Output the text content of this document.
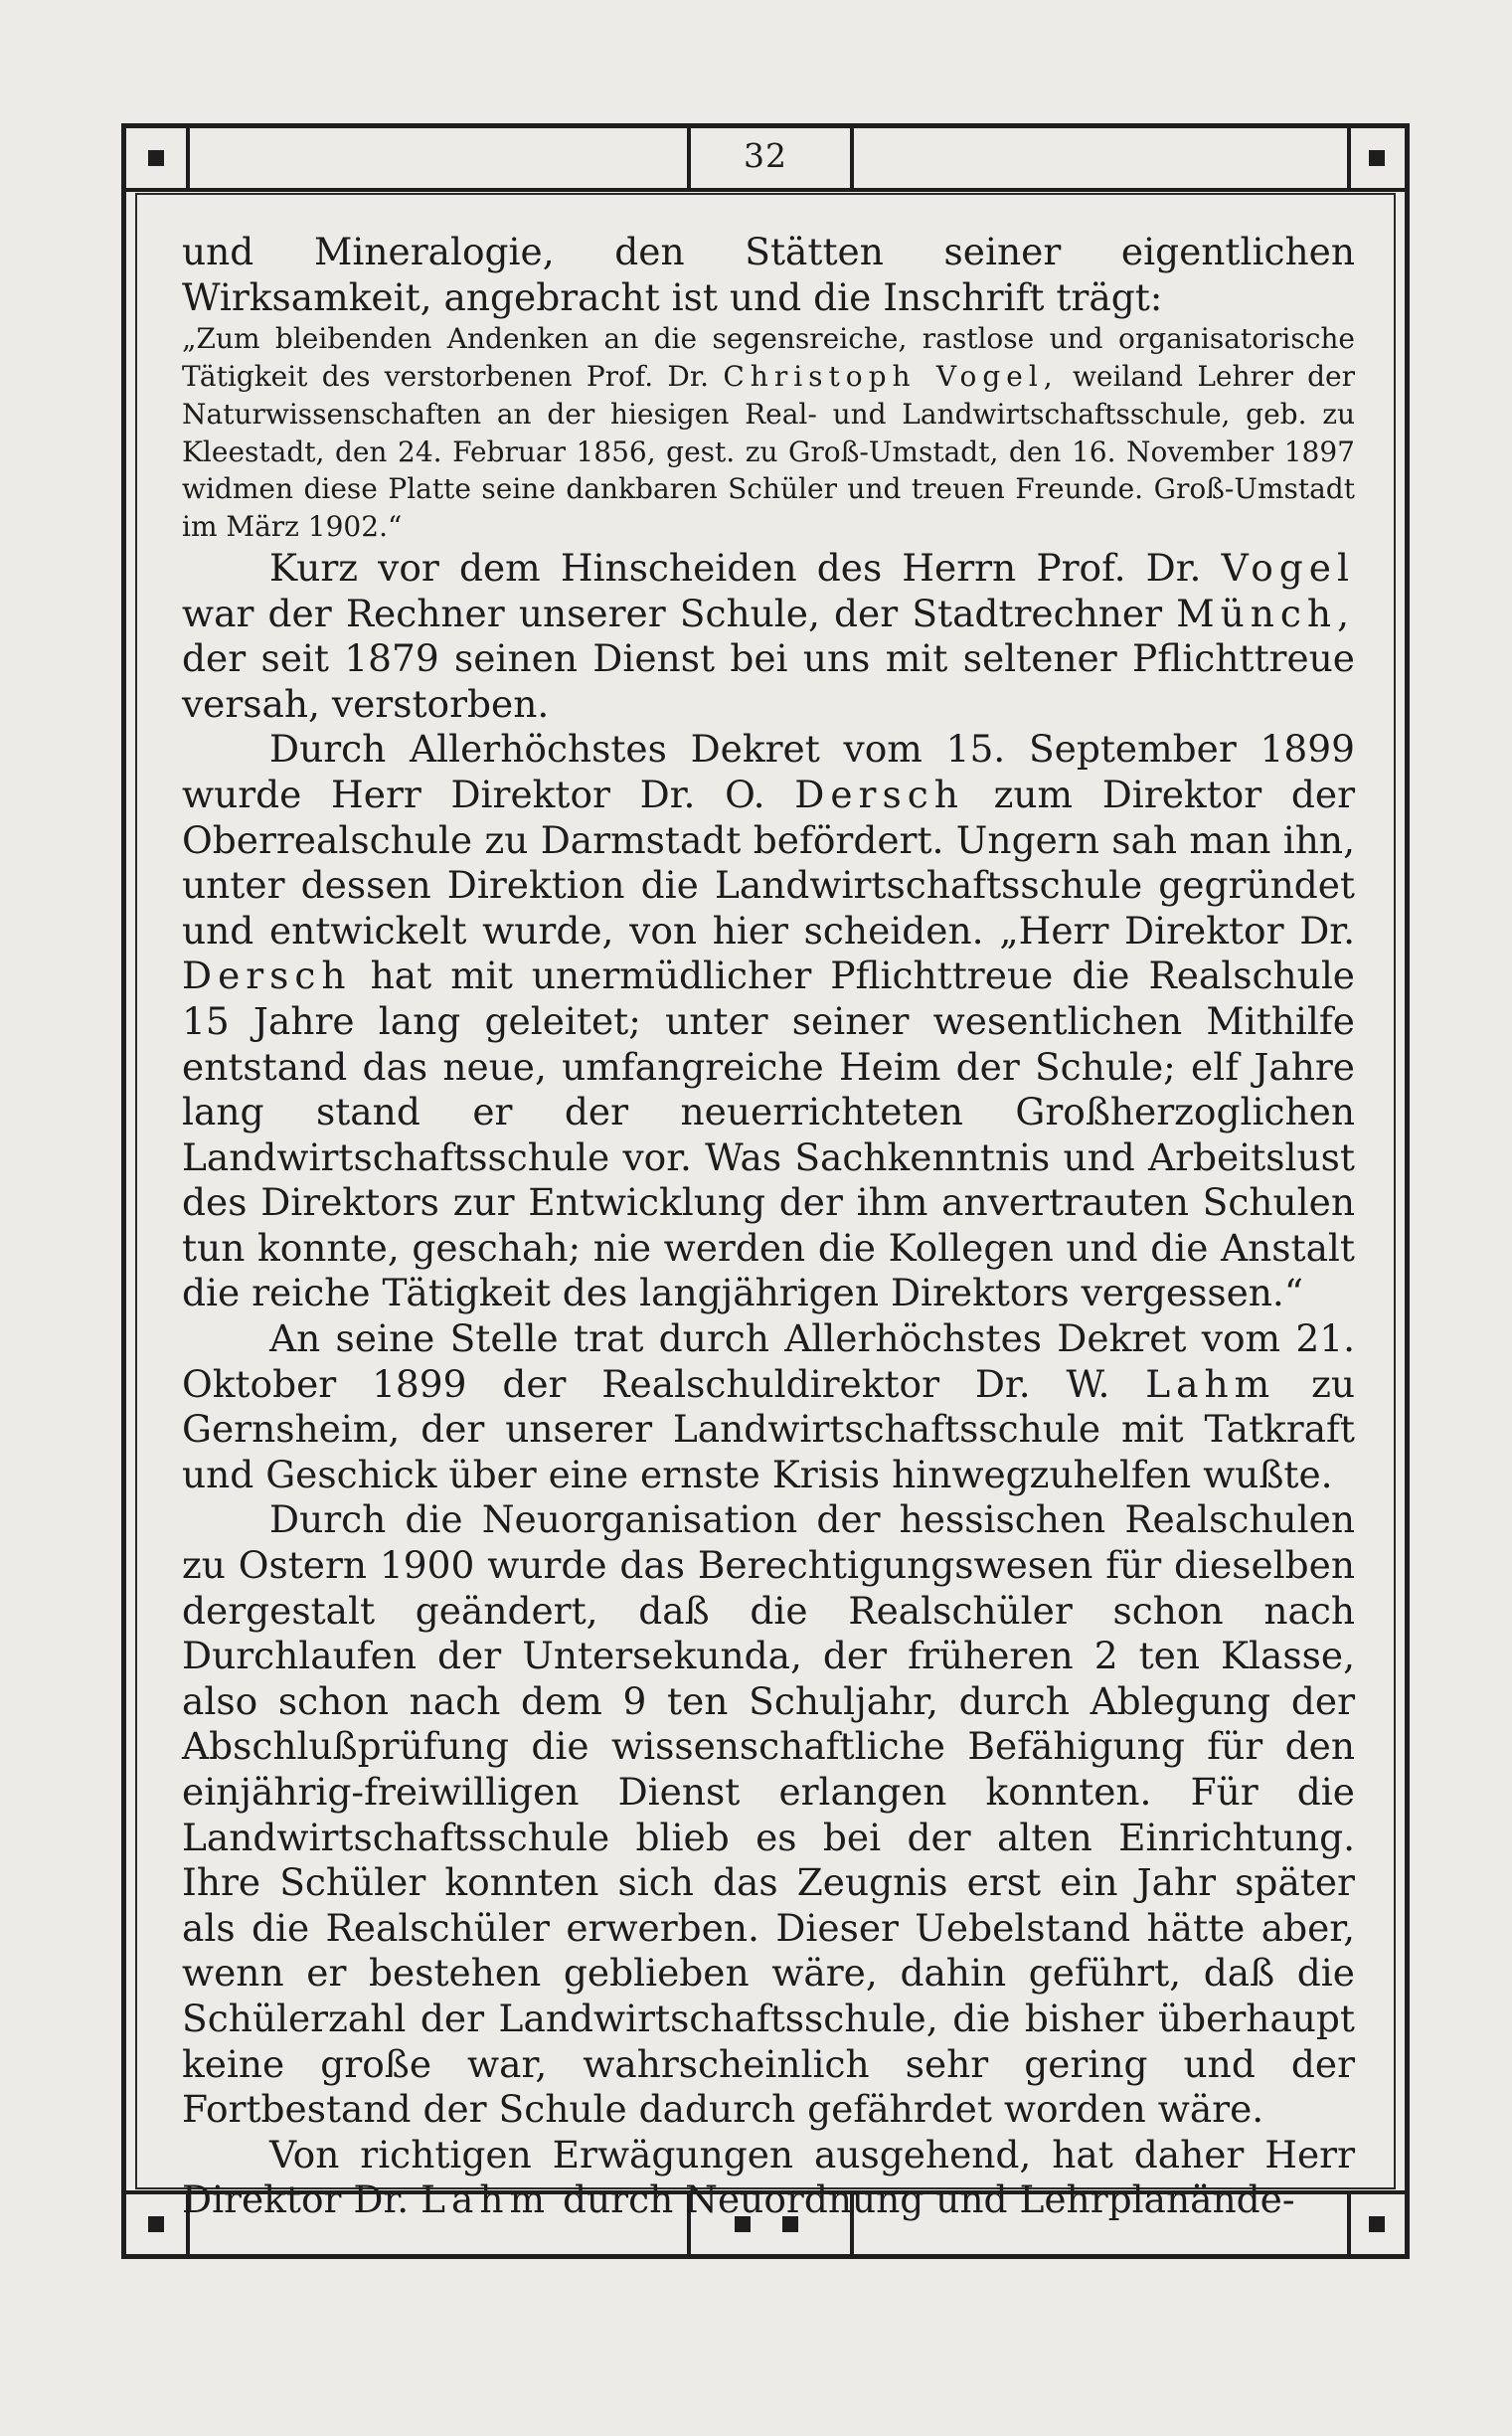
32

und Mineralogie, den Stätten seiner eigentlichen Wirksamkeit, angebracht ist und die Inschrift trägt:

„Zum bleibenden Andenken an die segensreiche, rastlose und organisatorische Tätigkeit des verstorbenen Prof. Dr. Christoph Vogel, weiland Lehrer der Naturwissenschaften an der hiesigen Real- und Landwirtschaftsschule, geb. zu Kleestadt, den 24. Februar 1856, gest. zu Groß-Umstadt, den 16. November 1897 widmen diese Platte seine dankbaren Schüler und treuen Freunde. Groß-Umstadt im März 1902.“

Kurz vor dem Hinscheiden des Herrn Prof. Dr. Vogel war der Rechner unserer Schule, der Stadtrechner Münch, der seit 1879 seinen Dienst bei uns mit seltener Pflichttreue versah, verstorben.

Durch Allerhöchstes Dekret vom 15. September 1899 wurde Herr Direktor Dr. O. Dersch zum Direktor der Oberrealschule zu Darmstadt befördert. Ungern sah man ihn, unter dessen Direktion die Landwirtschaftsschule gegründet und entwickelt wurde, von hier scheiden. „Herr Direktor Dr. Dersch hat mit unermüdlicher Pflichttreue die Realschule 15 Jahre lang geleitet; unter seiner wesentlichen Mithilfe entstand das neue, umfangreiche Heim der Schule; elf Jahre lang stand er der neuerrichteten Großherzoglichen Landwirtschaftsschule vor. Was Sachkenntnis und Arbeitslust des Direktors zur Entwicklung der ihm anvertrauten Schulen tun konnte, geschah; nie werden die Kollegen und die Anstalt die reiche Tätigkeit des langjährigen Direktors vergessen.“

An seine Stelle trat durch Allerhöchstes Dekret vom 21. Oktober 1899 der Realschuldirektor Dr. W. Lahm zu Gernsheim, der unserer Landwirtschaftsschule mit Tatkraft und Geschick über eine ernste Krisis hinwegzuhelfen wußte.

Durch die Neuorganisation der hessischen Realschulen zu Ostern 1900 wurde das Berechtigungswesen für dieselben dergestalt geändert, daß die Realschüler schon nach Durchlaufen der Untersekunda, der früheren 2 ten Klasse, also schon nach dem 9 ten Schuljahr, durch Ablegung der Abschlußprüfung die wissenschaftliche Befähigung für den einjährig-freiwilligen Dienst erlangen konnten. Für die Landwirtschaftsschule blieb es bei der alten Einrichtung. Ihre Schüler konnten sich das Zeugnis erst ein Jahr später als die Realschüler erwerben. Dieser Uebelstand hätte aber, wenn er bestehen geblieben wäre, dahin geführt, daß die Schülerzahl der Landwirtschaftsschule, die bisher überhaupt keine große war, wahrscheinlich sehr gering und der Fortbestand der Schule dadurch gefährdet worden wäre.

Von richtigen Erwägungen ausgehend, hat daher Herr Direktor Dr. Lahm durch Neuordnung und Lehrplanände-
